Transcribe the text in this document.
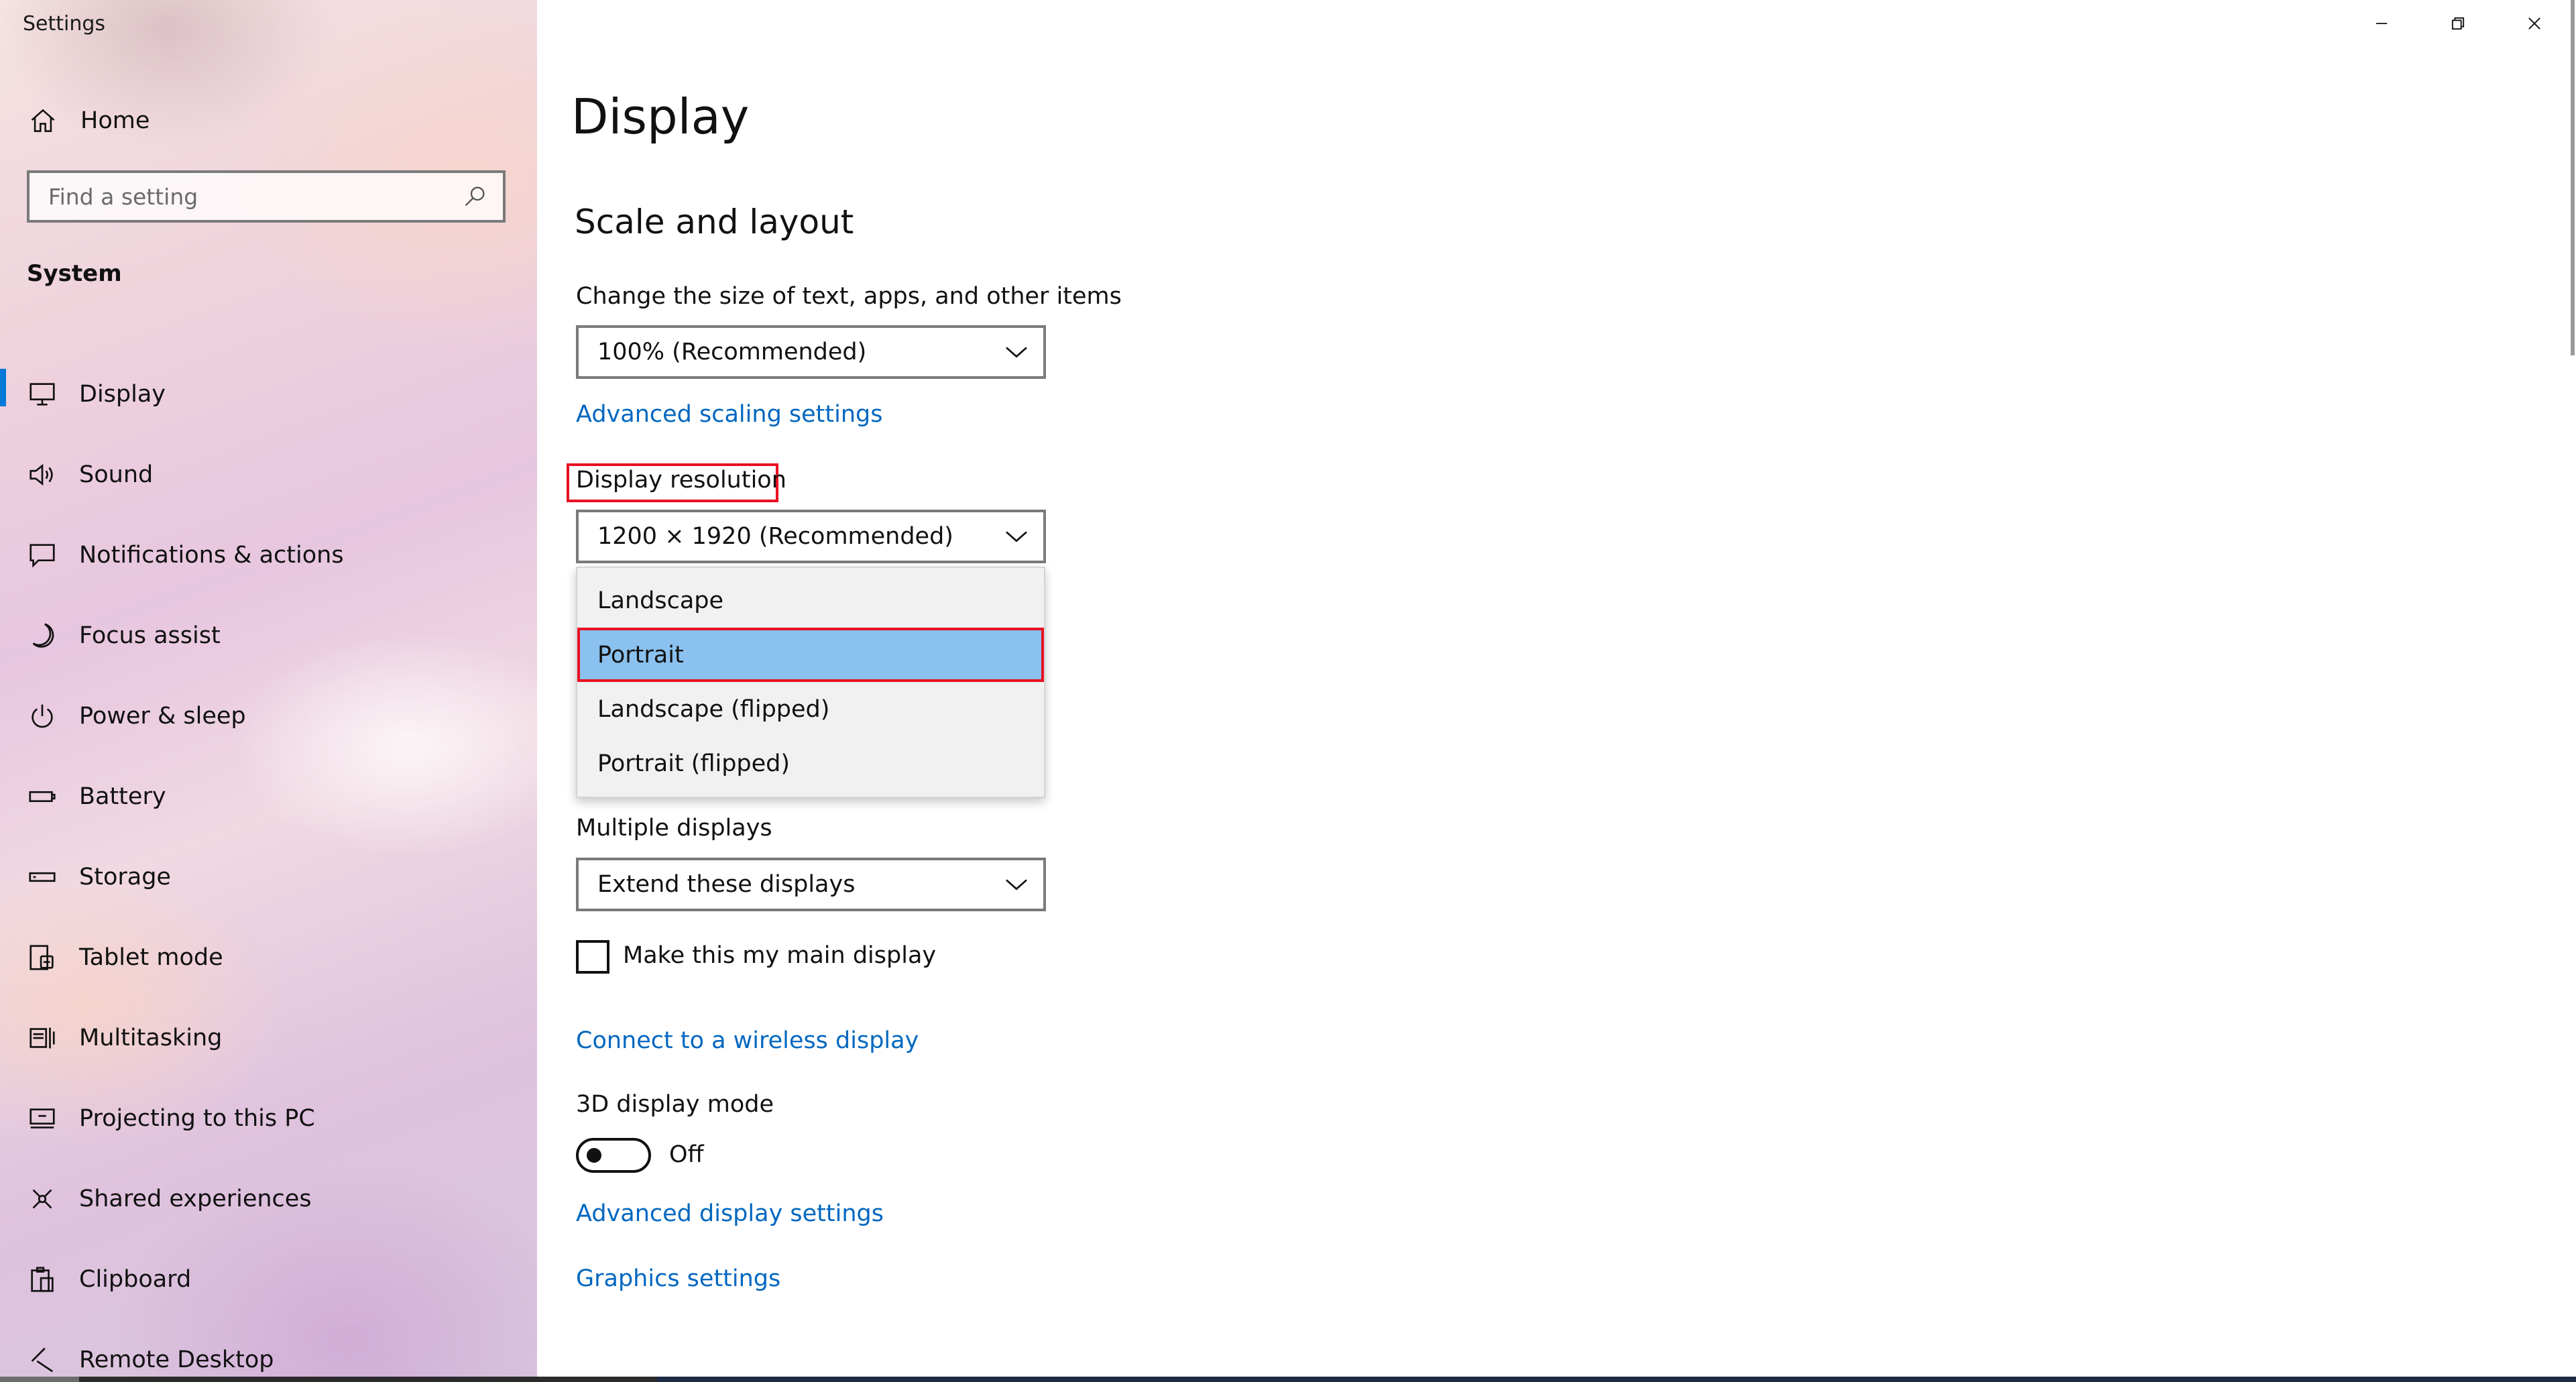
Settings
Home
Find a setting
System
Display
Sound
Notifications & actions
Focus assist
Power & sleep
Battery
Storage
Tablet mode
Multitasking
Projecting to this PC
Shared experiences
Clipboard
Remote Desktop
Display
Scale and layout
Change the size of text, apps, and other items
100% (Recommended)
Advanced scaling settings
Display resolution
1200 × 1920 (Recommended)
Landscape
Portrait
Landscape (flipped)
Portrait (flipped)
Multiple displays
Extend these displays
Make this my main display
Connect to a wireless display
3D display mode
Off
Advanced display settings
Graphics settings
